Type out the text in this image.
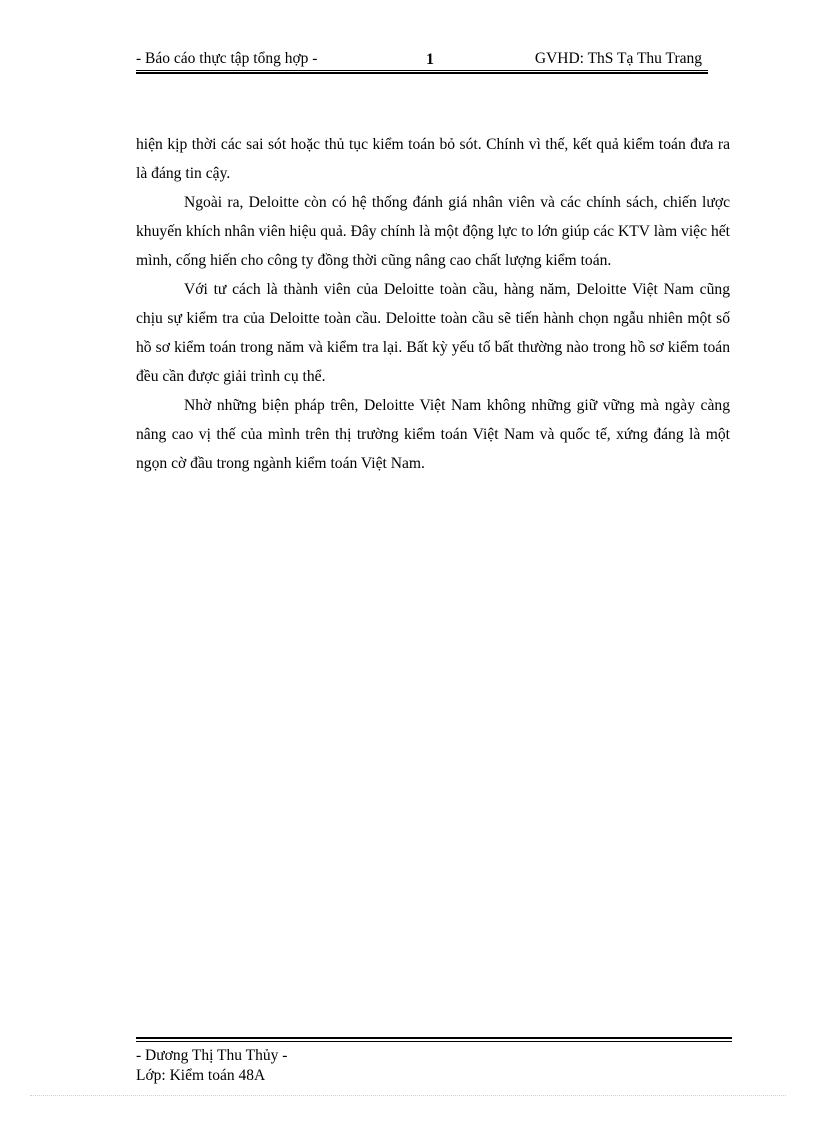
- Báo cáo thực tập tổng hợp -	1	GVHD: ThS Tạ Thu Trang

hiện kịp thời các sai sót hoặc thủ tục kiểm toán bỏ sót. Chính vì thế, kết quả kiểm toán đưa ra là đáng tin cậy.

Ngoài ra, Deloitte còn có hệ thống đánh giá nhân viên và các chính sách, chiến lược khuyến khích nhân viên hiệu quả. Đây chính là một động lực to lớn giúp các KTV làm việc hết mình, cống hiến cho công ty đồng thời cũng nâng cao chất lượng kiểm toán.

Với tư cách là thành viên của Deloitte toàn cầu, hàng năm, Deloitte Việt Nam cũng chịu sự kiểm tra của Deloitte toàn cầu. Deloitte toàn cầu sẽ tiến hành chọn ngẫu nhiên một số hồ sơ kiểm toán trong năm và kiểm tra lại. Bất kỳ yếu tố bất thường nào trong hồ sơ kiểm toán đều cần được giải trình cụ thể.

Nhờ những biện pháp trên, Deloitte Việt Nam không những giữ vững mà ngày càng nâng cao vị thế của mình trên thị trường kiểm toán Việt Nam và quốc tế, xứng đáng là một ngọn cờ đầu trong ngành kiểm toán Việt Nam.

- Dương Thị Thu Thủy -
Lớp: Kiểm toán 48A
